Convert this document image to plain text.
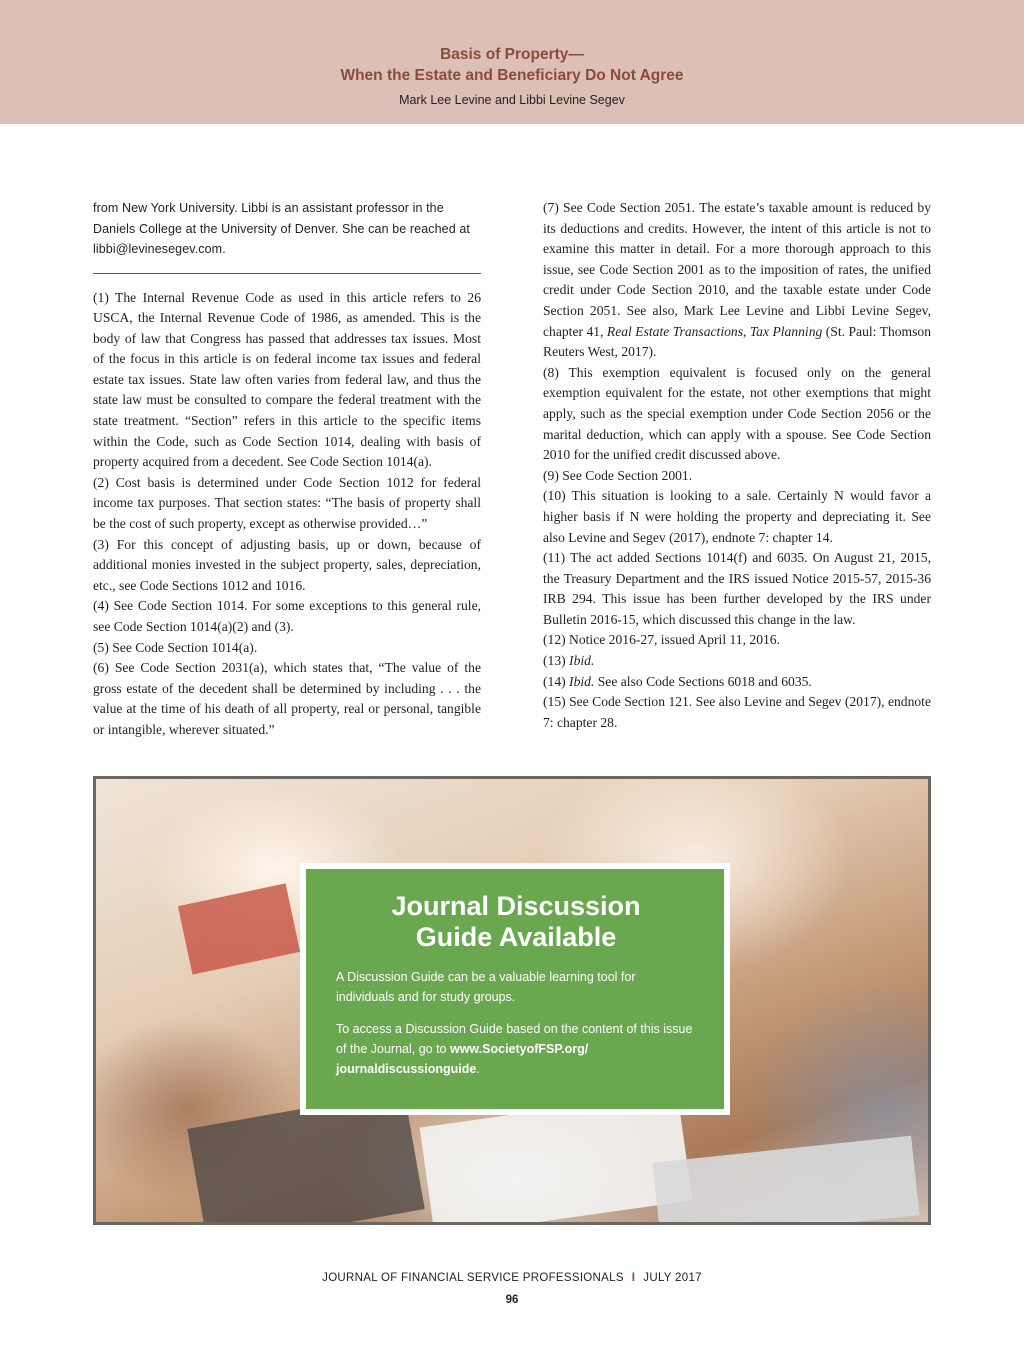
Basis of Property—
When the Estate and Beneficiary Do Not Agree
Mark Lee Levine and Libbi Levine Segev

from New York University. Libbi is an assistant professor in the Daniels College at the University of Denver. She can be reached at libbi@levinesegev.com.

(1) The Internal Revenue Code as used in this article refers to 26 USCA, the Internal Revenue Code of 1986, as amended. This is the body of law that Congress has passed that addresses tax issues. Most of the focus in this article is on federal income tax issues and federal estate tax issues. State law often varies from federal law, and thus the state law must be consulted to compare the federal treatment with the state treatment. “Section” refers in this article to the specific items within the Code, such as Code Section 1014, dealing with basis of property acquired from a decedent. See Code Section 1014(a).

(2) Cost basis is determined under Code Section 1012 for federal income tax purposes. That section states: “The basis of property shall be the cost of such property, except as otherwise provided…”

(3) For this concept of adjusting basis, up or down, because of additional monies invested in the subject property, sales, depreciation, etc., see Code Sections 1012 and 1016.

(4) See Code Section 1014. For some exceptions to this general rule, see Code Section 1014(a)(2) and (3).

(5) See Code Section 1014(a).

(6) See Code Section 2031(a), which states that, “The value of the gross estate of the decedent shall be determined by including . . . the value at the time of his death of all property, real or personal, tangible or intangible, wherever situated.”

(7) See Code Section 2051. The estate’s taxable amount is reduced by its deductions and credits. However, the intent of this article is not to examine this matter in detail. For a more thorough approach to this issue, see Code Section 2001 as to the imposition of rates, the unified credit under Code Section 2010, and the taxable estate under Code Section 2051. See also, Mark Lee Levine and Libbi Levine Segev, chapter 41, Real Estate Transactions, Tax Planning (St. Paul: Thomson Reuters West, 2017).

(8) This exemption equivalent is focused only on the general exemption equivalent for the estate, not other exemptions that might apply, such as the special exemption under Code Section 2056 or the marital deduction, which can apply with a spouse. See Code Section 2010 for the unified credit discussed above.

(9) See Code Section 2001.

(10) This situation is looking to a sale. Certainly N would favor a higher basis if N were holding the property and depreciating it. See also Levine and Segev (2017), endnote 7: chapter 14.

(11) The act added Sections 1014(f) and 6035. On August 21, 2015, the Treasury Department and the IRS issued Notice 2015-57, 2015-36 IRB 294. This issue has been further developed by the IRS under Bulletin 2016-15, which discussed this change in the law.

(12) Notice 2016-27, issued April 11, 2016.

(13) Ibid.

(14) Ibid. See also Code Sections 6018 and 6035.

(15) See Code Section 121. See also Levine and Segev (2017), endnote 7: chapter 28.

Journal Discussion
Guide Available

A Discussion Guide can be a valuable learning tool for individuals and for study groups.

To access a Discussion Guide based on the content of this issue of the Journal, go to www.SocietyofFSP.org/ journaldiscussionguide.

JOURNAL OF FINANCIAL SERVICE PROFESSIONALS I JULY 2017
96
